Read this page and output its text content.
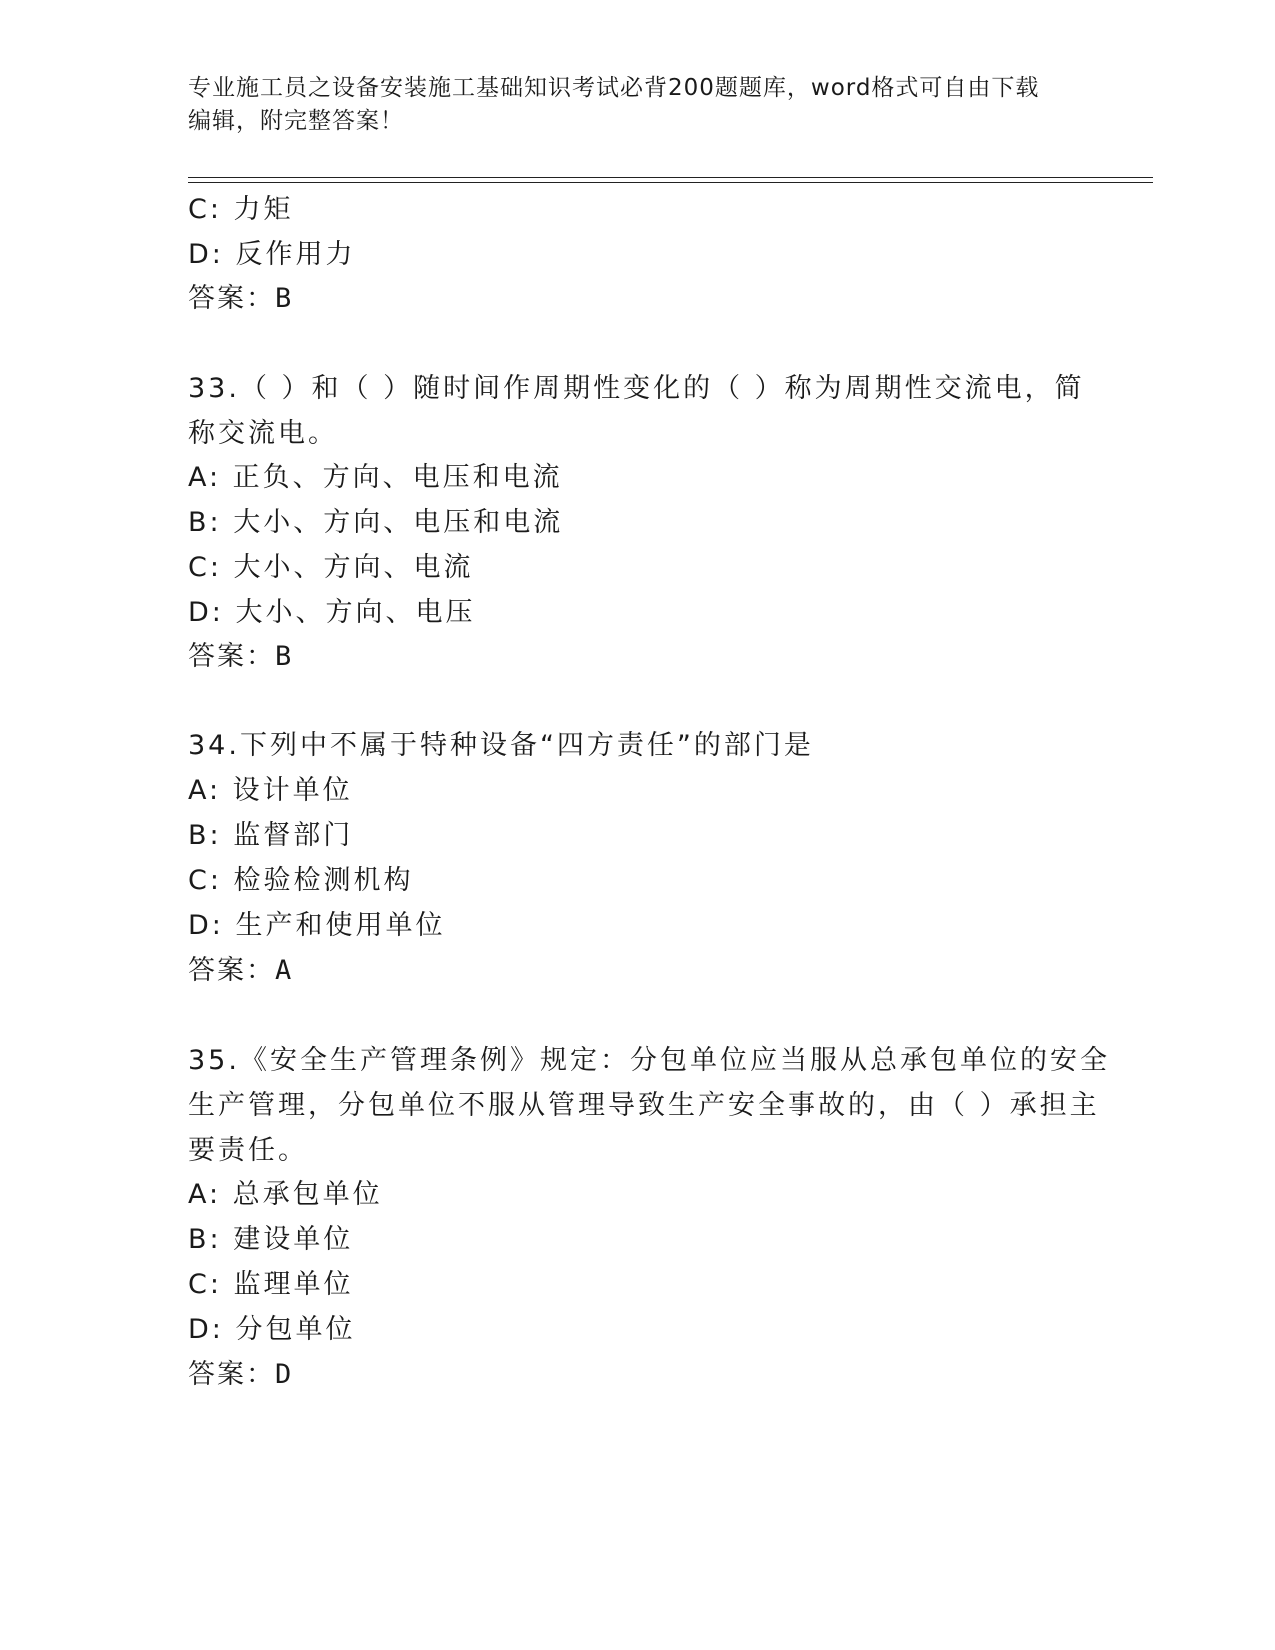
专业施工员之设备安装施工基础知识考试必背200题题库，word格式可自由下载
编辑，附完整答案！
C: 力矩
D: 反作用力
答案：B
33.（ ）和（ ）随时间作周期性变化的（ ）称为周期性交流电，简
称交流电。
A: 正负、方向、电压和电流
B: 大小、方向、电压和电流
C: 大小、方向、电流
D: 大小、方向、电压
答案：B
34.下列中不属于特种设备“四方责任”的部门是
A: 设计单位
B: 监督部门
C: 检验检测机构
D: 生产和使用单位
答案：A
35.《安全生产管理条例》规定：分包单位应当服从总承包单位的安全
生产管理，分包单位不服从管理导致生产安全事故的，由（ ）承担主
要责任。
A: 总承包单位
B: 建设单位
C: 监理单位
D: 分包单位
答案：D
